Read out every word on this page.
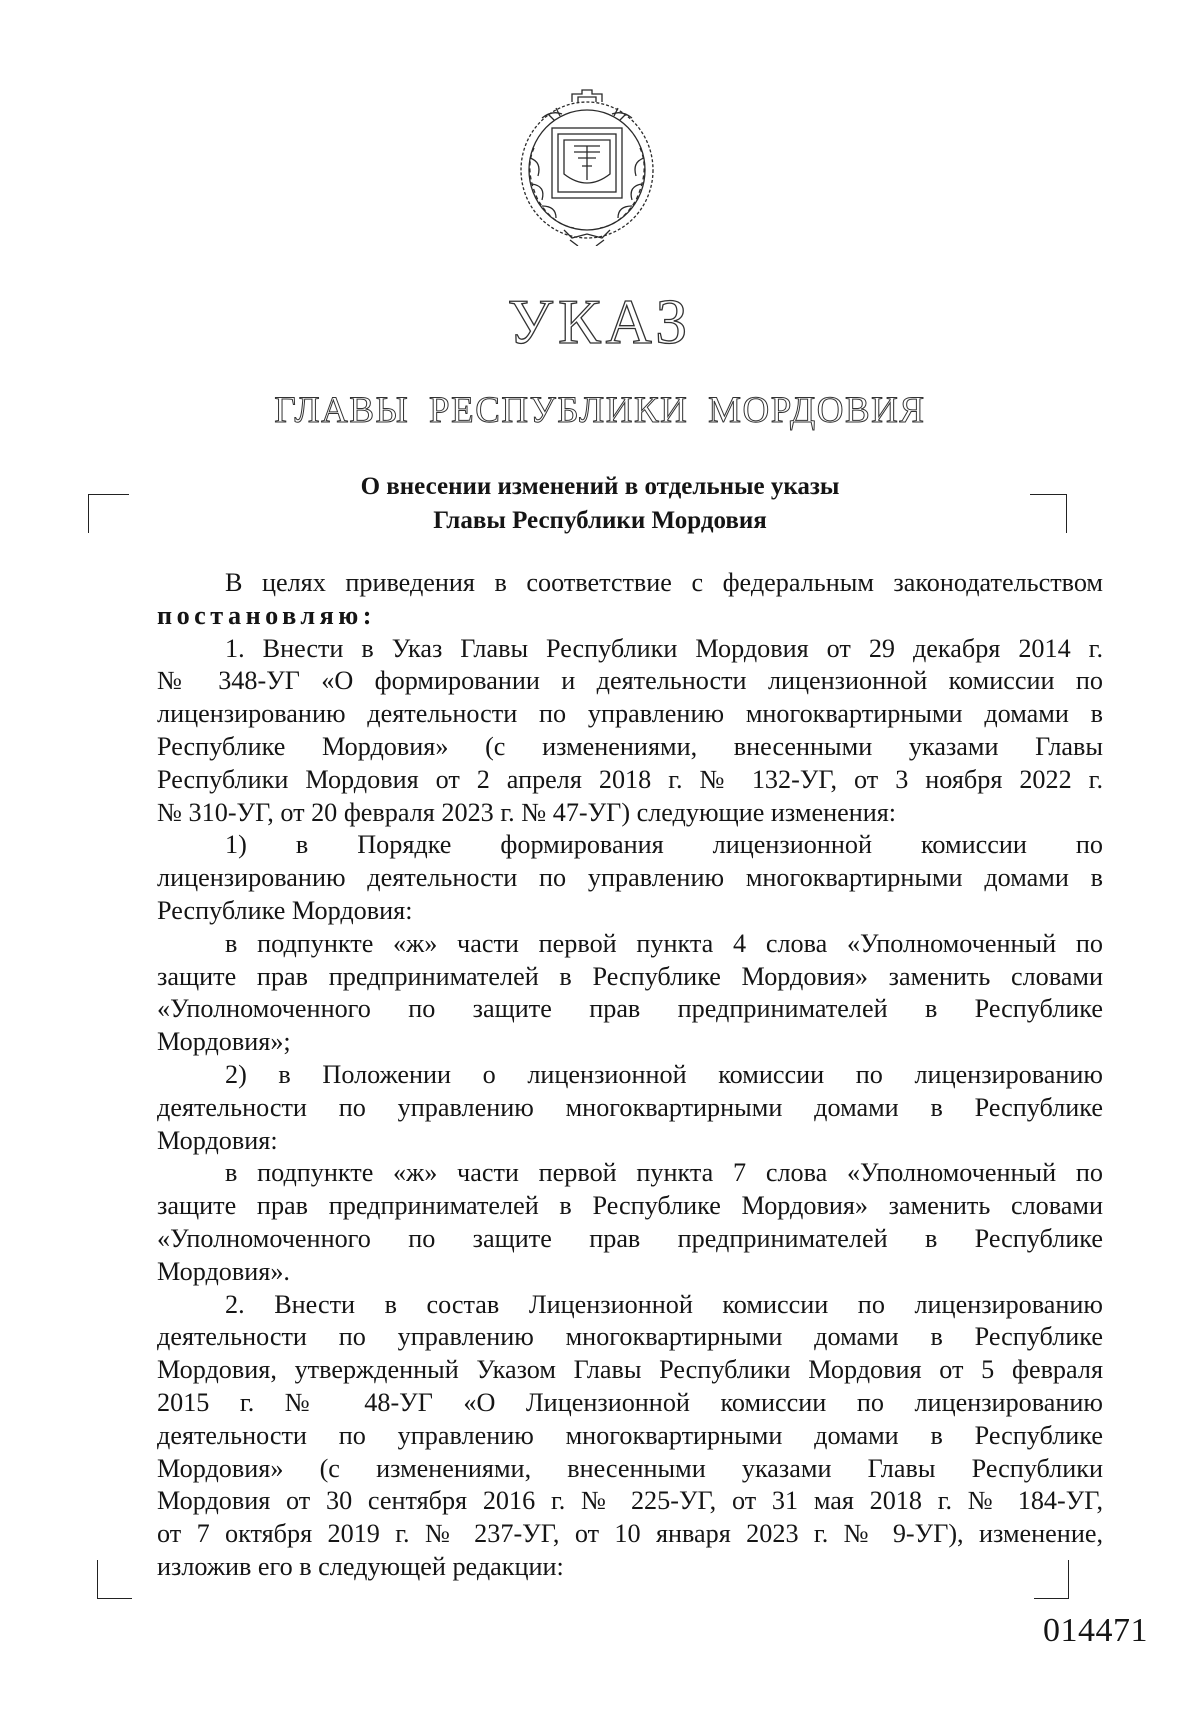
УКАЗ
ГЛАВЫ РЕСПУБЛИКИ МОРДОВИЯ
О внесении изменений в отдельные указы
Главы Республики Мордовия

В целях приведения в соответствие с федеральным законодательством

постановляю:

1. Внести в Указ Главы Республики Мордовия от 29 декабря 2014 г.

№ 348-УГ «О формировании и деятельности лицензионной комиссии по

лицензированию деятельности по управлению многоквартирными домами в

Республике Мордовия» (с изменениями, внесенными указами Главы

Республики Мордовия от 2 апреля 2018 г. № 132-УГ, от 3 ноября 2022 г.

№ 310-УГ, от 20 февраля 2023 г. № 47-УГ) следующие изменения:

1) в Порядке формирования лицензионной комиссии по

лицензированию деятельности по управлению многоквартирными домами в

Республике Мордовия:

в подпункте «ж» части первой пункта 4 слова «Уполномоченный по

защите прав предпринимателей в Республике Мордовия» заменить словами

«Уполномоченного по защите прав предпринимателей в Республике

Мордовия»;

2) в Положении о лицензионной комиссии по лицензированию

деятельности по управлению многоквартирными домами в Республике

Мордовия:

в подпункте «ж» части первой пункта 7 слова «Уполномоченный по

защите прав предпринимателей в Республике Мордовия» заменить словами

«Уполномоченного по защите прав предпринимателей в Республике

Мордовия».

2. Внести в состав Лицензионной комиссии по лицензированию

деятельности по управлению многоквартирными домами в Республике

Мордовия, утвержденный Указом Главы Республики Мордовия от 5 февраля

2015 г. № 48-УГ «О Лицензионной комиссии по лицензированию

деятельности по управлению многоквартирными домами в Республике

Мордовия» (с изменениями, внесенными указами Главы Республики

Мордовия от 30 сентября 2016 г. № 225-УГ, от 31 мая 2018 г. № 184-УГ,

от 7 октября 2019 г. № 237-УГ, от 10 января 2023 г. № 9-УГ), изменение,

изложив его в следующей редакции:

014471
